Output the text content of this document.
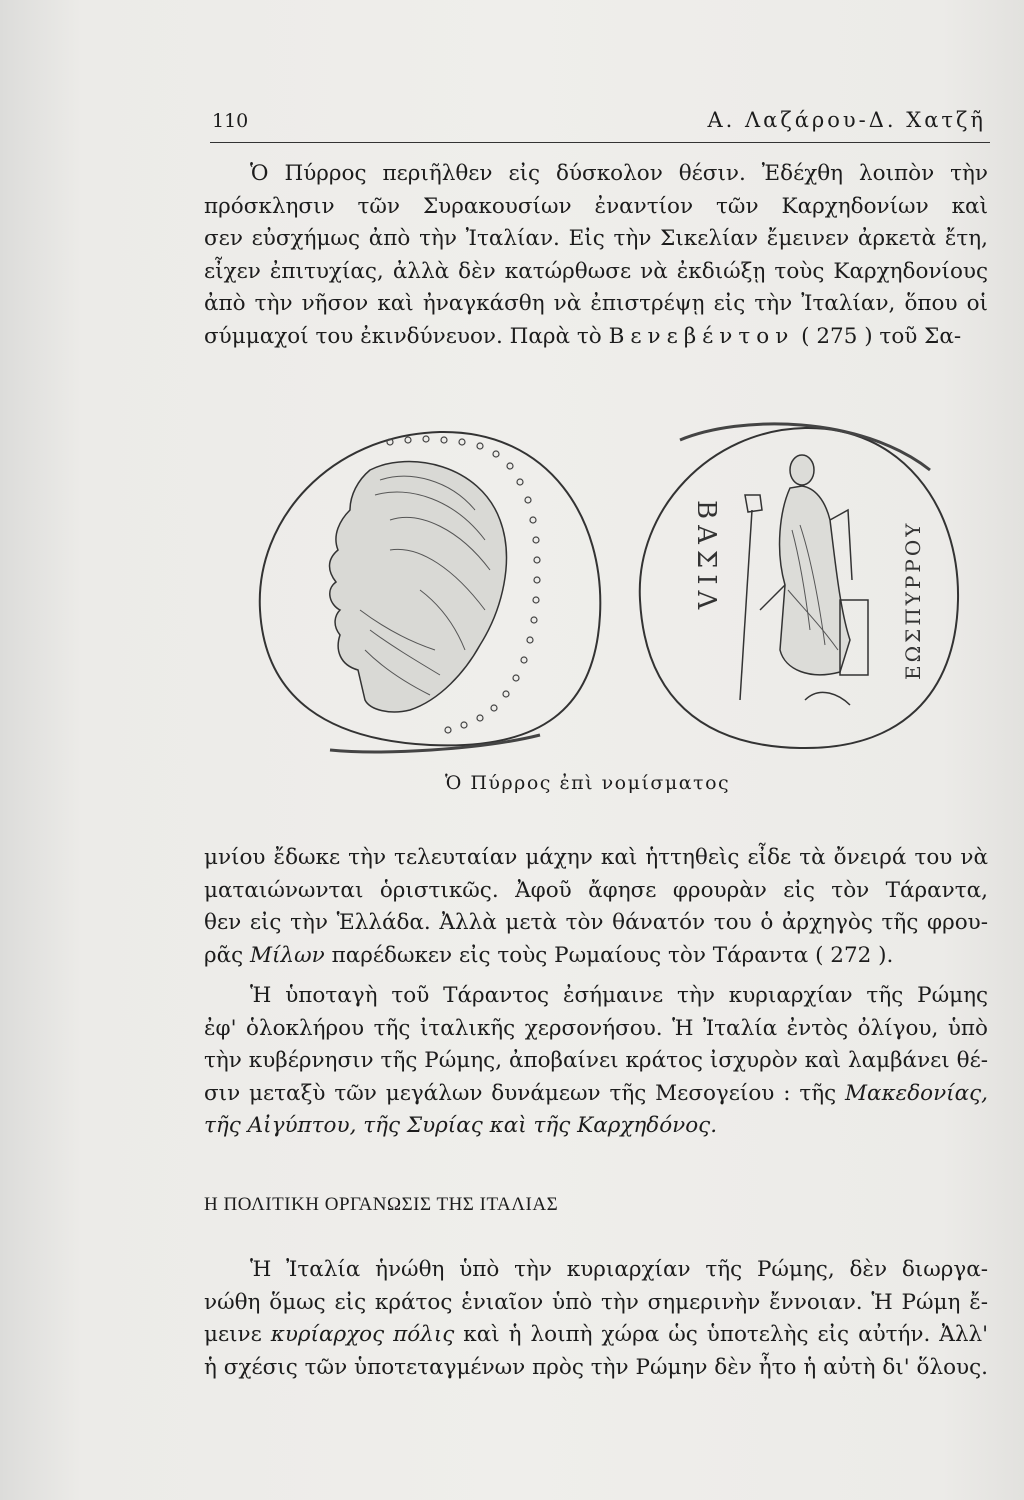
110	Α. Λαζάρου-Δ. Χατζῆ
Ὁ Πύρρος περιῆλθεν εἰς δύσκολον θέσιν. Ἐδέχθη λοιπὸν τὴν
πρόσκλησιν τῶν Συρακουσίων ἐναντίον τῶν Καρχηδονίων καὶ
σεν εὐσχήμως ἀπὸ τὴν Ἰταλίαν. Εἰς τὴν Σικελίαν ἔμεινεν ἀρκετὰ ἔτη,
εἶχεν ἐπιτυχίας, ἀλλὰ δὲν κατώρθωσε νὰ ἐκδιώξῃ τοὺς Καρχηδονίους
ἀπὸ τὴν νῆσον καὶ ἠναγκάσθη νὰ ἐπιστρέψῃ εἰς τὴν Ἰταλίαν, ὅπου οἱ
σύμμαχοί του ἐκινδύνευον. Παρὰ τὸ Βενεβέντον ( 275 ) τοῦ Σα-
ΒΑΣΙΛ	ΕΩΣΠΥΡΡΟΥ
Ὁ Πύρρος ἐπὶ νομίσματος
μνίου ἔδωκε τὴν τελευταίαν μάχην καὶ ἡττηθεὶς εἶδε τὰ ὄνειρά του νὰ
ματαιώνωνται ὁριστικῶς. Ἀφοῦ ἄφησε φρουρὰν εἰς τὸν Τάραντα,
θεν εἰς τὴν Ἑλλάδα. Ἀλλὰ μετὰ τὸν θάνατόν του ὁ ἀρχηγὸς τῆς φρου-
ρᾶς Μίλων παρέδωκεν εἰς τοὺς Ρωμαίους τὸν Τάραντα ( 272 ).
Ἡ ὑποταγὴ τοῦ Τάραντος ἐσήμαινε τὴν κυριαρχίαν τῆς Ρώμης
ἐφ' ὁλοκλήρου τῆς ἰταλικῆς χερσονήσου. Ἡ Ἰταλία ἐντὸς ὀλίγου, ὑπὸ
τὴν κυβέρνησιν τῆς Ρώμης, ἀποβαίνει κράτος ἰσχυρὸν καὶ λαμβάνει θέ-
σιν μεταξὺ τῶν μεγάλων δυνάμεων τῆς Μεσογείου : τῆς Μακεδονίας,
τῆς Αἰγύπτου, τῆς Συρίας καὶ τῆς Καρχηδόνος.
Η ΠΟΛΙΤΙΚΗ ΟΡΓΑΝΩΣΙΣ ΤΗΣ ΙΤΑΛΙΑΣ
Ἡ Ἰταλία ἡνώθη ὑπὸ τὴν κυριαρχίαν τῆς Ρώμης, δὲν διωργα-
νώθη ὅμως εἰς κράτος ἑνιαῖον ὑπὸ τὴν σημερινὴν ἔννοιαν. Ἡ Ρώμη ἔ-
μεινε κυρίαρχος πόλις καὶ ἡ λοιπὴ χώρα ὡς ὑποτελὴς εἰς αὐτήν. Ἀλλ'
ἡ σχέσις τῶν ὑποτεταγμένων πρὸς τὴν Ρώμην δὲν ἦτο ἡ αὐτὴ δι' ὅλους.
